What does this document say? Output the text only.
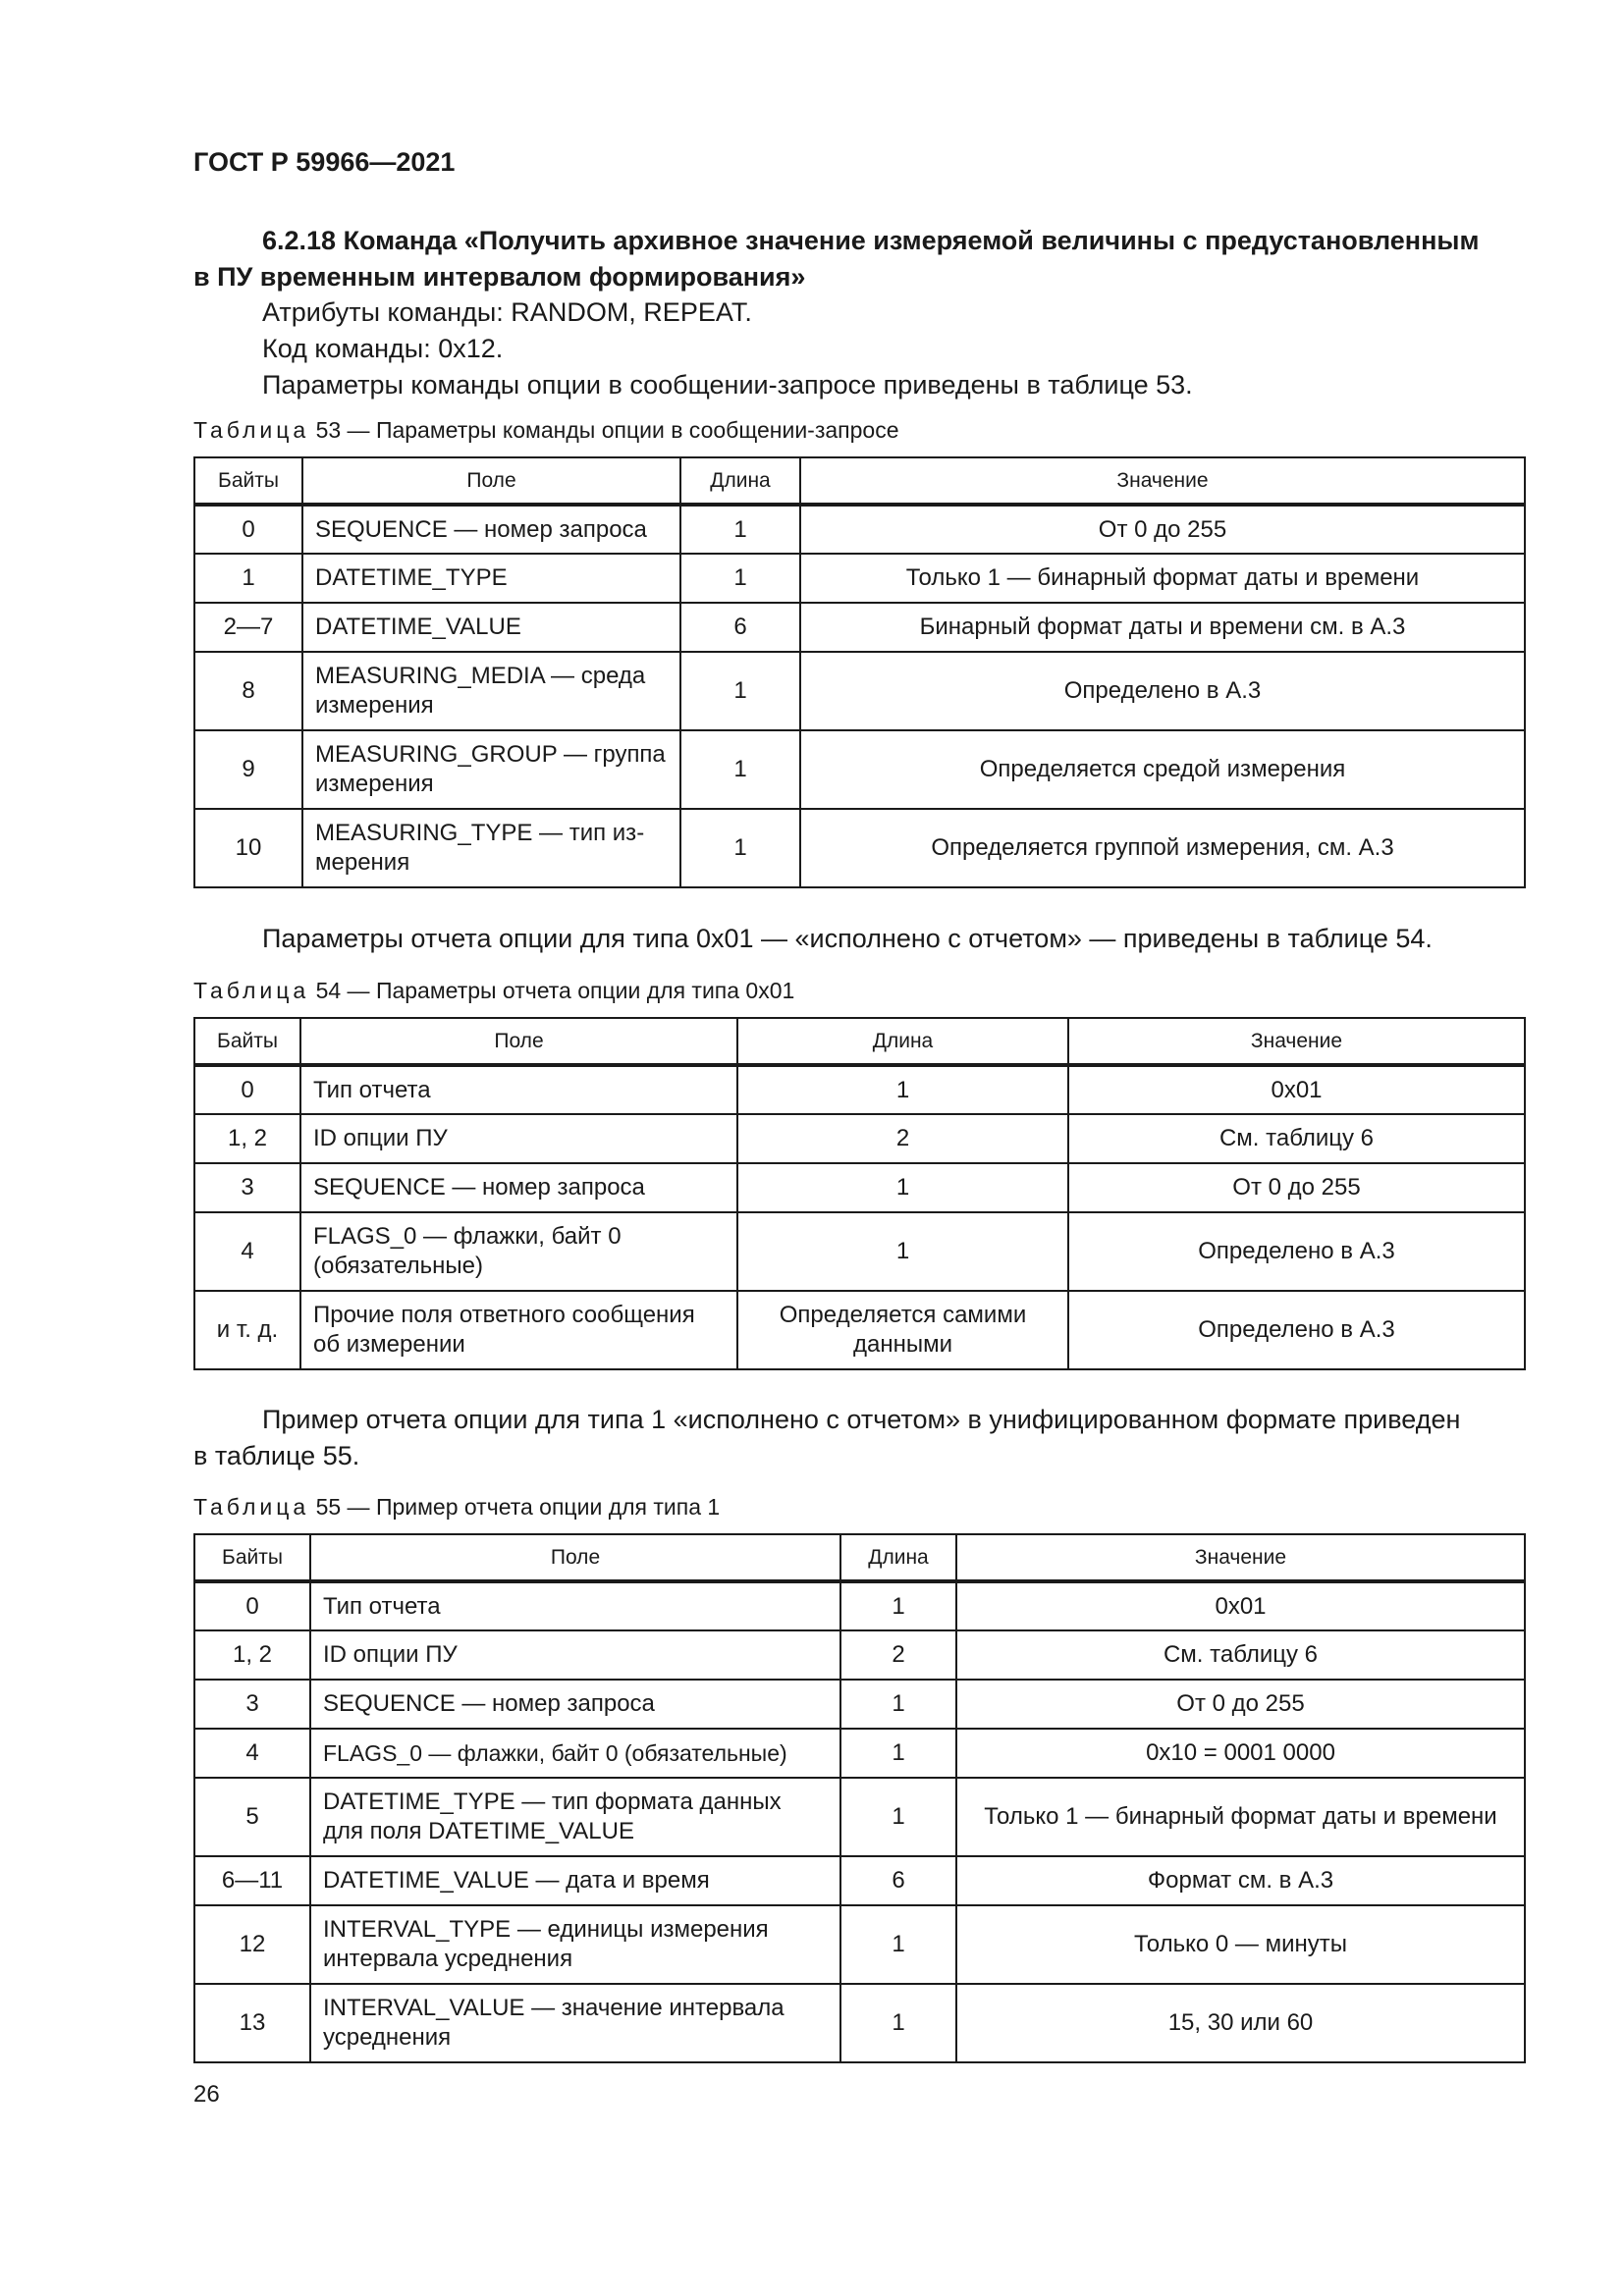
ГОСТ Р 59966—2021
6.2.18 Команда «Получить архивное значение измеряемой величины с предустановленным
в ПУ временным интервалом формирования»
Атрибуты команды: RANDOM, REPEAT.
Код команды: 0x12.
Параметры команды опции в сообщении-запросе приведены в таблице 53.
Таблица 53 — Параметры команды опции в сообщении-запросе
Байты	Поле	Длина	Значение
0	SEQUENCE — номер запроса	1	От 0 до 255
1	DATETIME_TYPE	1	Только 1 — бинарный формат даты и времени
2—7	DATETIME_VALUE	6	Бинарный формат даты и времени см. в А.3
8	MEASURING_MEDIA — среда измерения	1	Определено в А.3
9	MEASURING_GROUP — группа измерения	1	Определяется средой измерения
10	MEASURING_TYPE — тип из-мерения	1	Определяется группой измерения, см. А.3
Параметры отчета опции для типа 0x01 — «исполнено с отчетом» — приведены в таблице 54.
Таблица 54 — Параметры отчета опции для типа 0x01
Байты	Поле	Длина	Значение
0	Тип отчета	1	0x01
1, 2	ID опции ПУ	2	См. таблицу 6
3	SEQUENCE — номер запроса	1	От 0 до 255
4	FLAGS_0 — флажки, байт 0 (обязательные)	1	Определено в А.3
и т. д.	Прочие поля ответного сообщения об измерении	Определяется самими данными	Определено в А.3
Пример отчета опции для типа 1 «исполнено с отчетом» в унифицированном формате приведен
в таблице 55.
Таблица 55 — Пример отчета опции для типа 1
Байты	Поле	Длина	Значение
0	Тип отчета	1	0x01
1, 2	ID опции ПУ	2	См. таблицу 6
3	SEQUENCE — номер запроса	1	От 0 до 255
4	FLAGS_0 — флажки, байт 0 (обязательные)	1	0x10 = 0001 0000
5	DATETIME_TYPE — тип формата данных для поля DATETIME_VALUE	1	Только 1 — бинарный формат даты и времени
6—11	DATETIME_VALUE — дата и время	6	Формат см. в А.3
12	INTERVAL_TYPE — единицы измерения интервала усреднения	1	Только 0 — минуты
13	INTERVAL_VALUE — значение интервала усреднения	1	15, 30 или 60
26
